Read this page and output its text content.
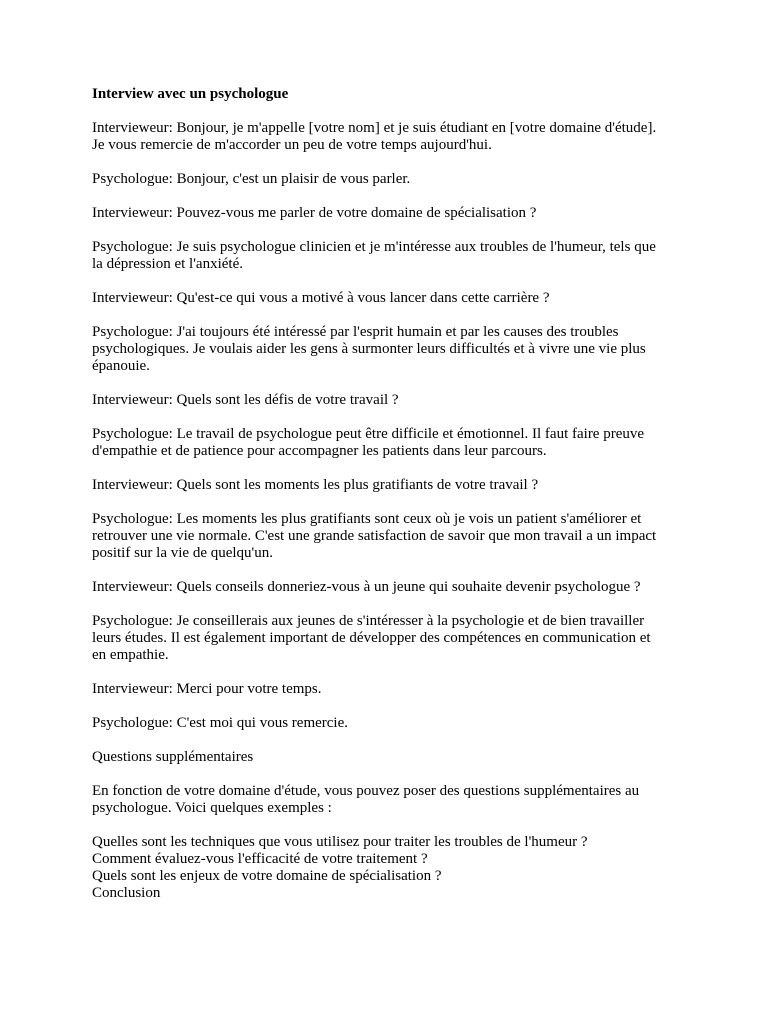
Interview avec un psychologue
Intervieweur: Bonjour, je m'appelle [votre nom] et je suis étudiant en [votre domaine d'étude].
Je vous remercie de m'accorder un peu de votre temps aujourd'hui.
Psychologue: Bonjour, c'est un plaisir de vous parler.
Intervieweur: Pouvez-vous me parler de votre domaine de spécialisation ?
Psychologue: Je suis psychologue clinicien et je m'intéresse aux troubles de l'humeur, tels que
la dépression et l'anxiété.
Intervieweur: Qu'est-ce qui vous a motivé à vous lancer dans cette carrière ?
Psychologue: J'ai toujours été intéressé par l'esprit humain et par les causes des troubles
psychologiques. Je voulais aider les gens à surmonter leurs difficultés et à vivre une vie plus
épanouie.
Intervieweur: Quels sont les défis de votre travail ?
Psychologue: Le travail de psychologue peut être difficile et émotionnel. Il faut faire preuve
d'empathie et de patience pour accompagner les patients dans leur parcours.
Intervieweur: Quels sont les moments les plus gratifiants de votre travail ?
Psychologue: Les moments les plus gratifiants sont ceux où je vois un patient s'améliorer et
retrouver une vie normale. C'est une grande satisfaction de savoir que mon travail a un impact
positif sur la vie de quelqu'un.
Intervieweur: Quels conseils donneriez-vous à un jeune qui souhaite devenir psychologue ?
Psychologue: Je conseillerais aux jeunes de s'intéresser à la psychologie et de bien travailler
leurs études. Il est également important de développer des compétences en communication et
en empathie.
Intervieweur: Merci pour votre temps.
Psychologue: C'est moi qui vous remercie.
Questions supplémentaires
En fonction de votre domaine d'étude, vous pouvez poser des questions supplémentaires au
psychologue. Voici quelques exemples :
Quelles sont les techniques que vous utilisez pour traiter les troubles de l'humeur ?
Comment évaluez-vous l'efficacité de votre traitement ?
Quels sont les enjeux de votre domaine de spécialisation ?
Conclusion
